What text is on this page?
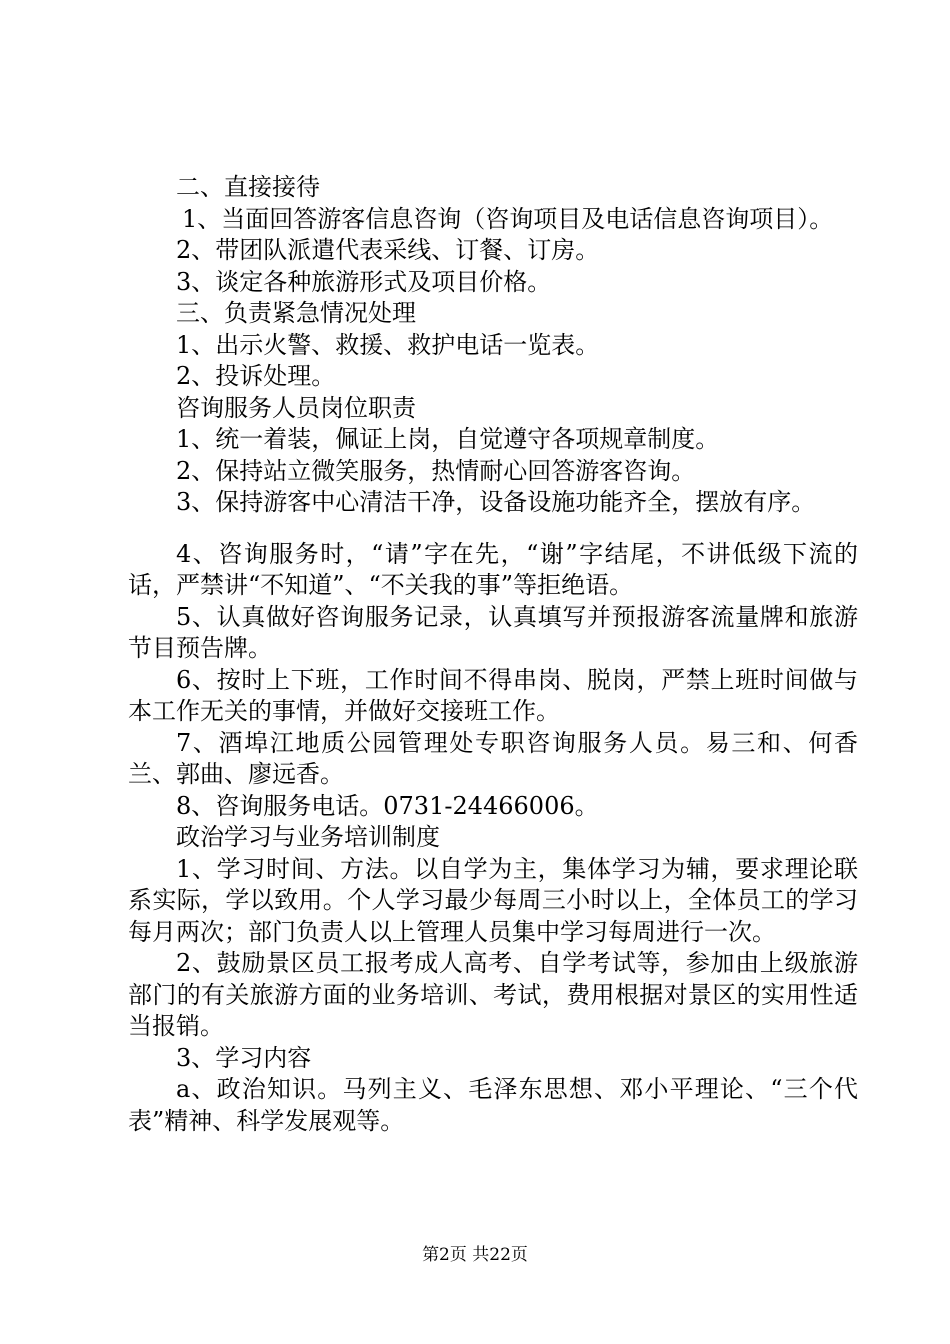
二、直接接待

1、当面回答游客信息咨询（咨询项目及电话信息咨询项目）。

2、带团队派遣代表采线、订餐、订房。

3、谈定各种旅游形式及项目价格。

三、负责紧急情况处理

1、出示火警、救援、救护电话一览表。

2、投诉处理。

咨询服务人员岗位职责

1、统一着装，佩证上岗，自觉遵守各项规章制度。

2、保持站立微笑服务，热情耐心回答游客咨询。

3、保持游客中心清洁干净，设备设施功能齐全，摆放有序。

4、咨询服务时，“请”字在先，“谢”字结尾，不讲低级下流的话，严禁讲“不知道”、“不关我的事”等拒绝语。

5、认真做好咨询服务记录，认真填写并预报游客流量牌和旅游节目预告牌。

6、按时上下班，工作时间不得串岗、脱岗，严禁上班时间做与本工作无关的事情，并做好交接班工作。

7、酒埠江地质公园管理处专职咨询服务人员。易三和、何香兰、郭曲、廖远香。

8、咨询服务电话。0731-24466006。

政治学习与业务培训制度

1、学习时间、方法。以自学为主，集体学习为辅，要求理论联系实际，学以致用。个人学习最少每周三小时以上，全体员工的学习每月两次；部门负责人以上管理人员集中学习每周进行一次。

2、鼓励景区员工报考成人高考、自学考试等，参加由上级旅游部门的有关旅游方面的业务培训、考试，费用根据对景区的实用性适当报销。

3、学习内容

a、政治知识。马列主义、毛泽东思想、邓小平理论、“三个代表”精神、科学发展观等。

第2页 共22页
